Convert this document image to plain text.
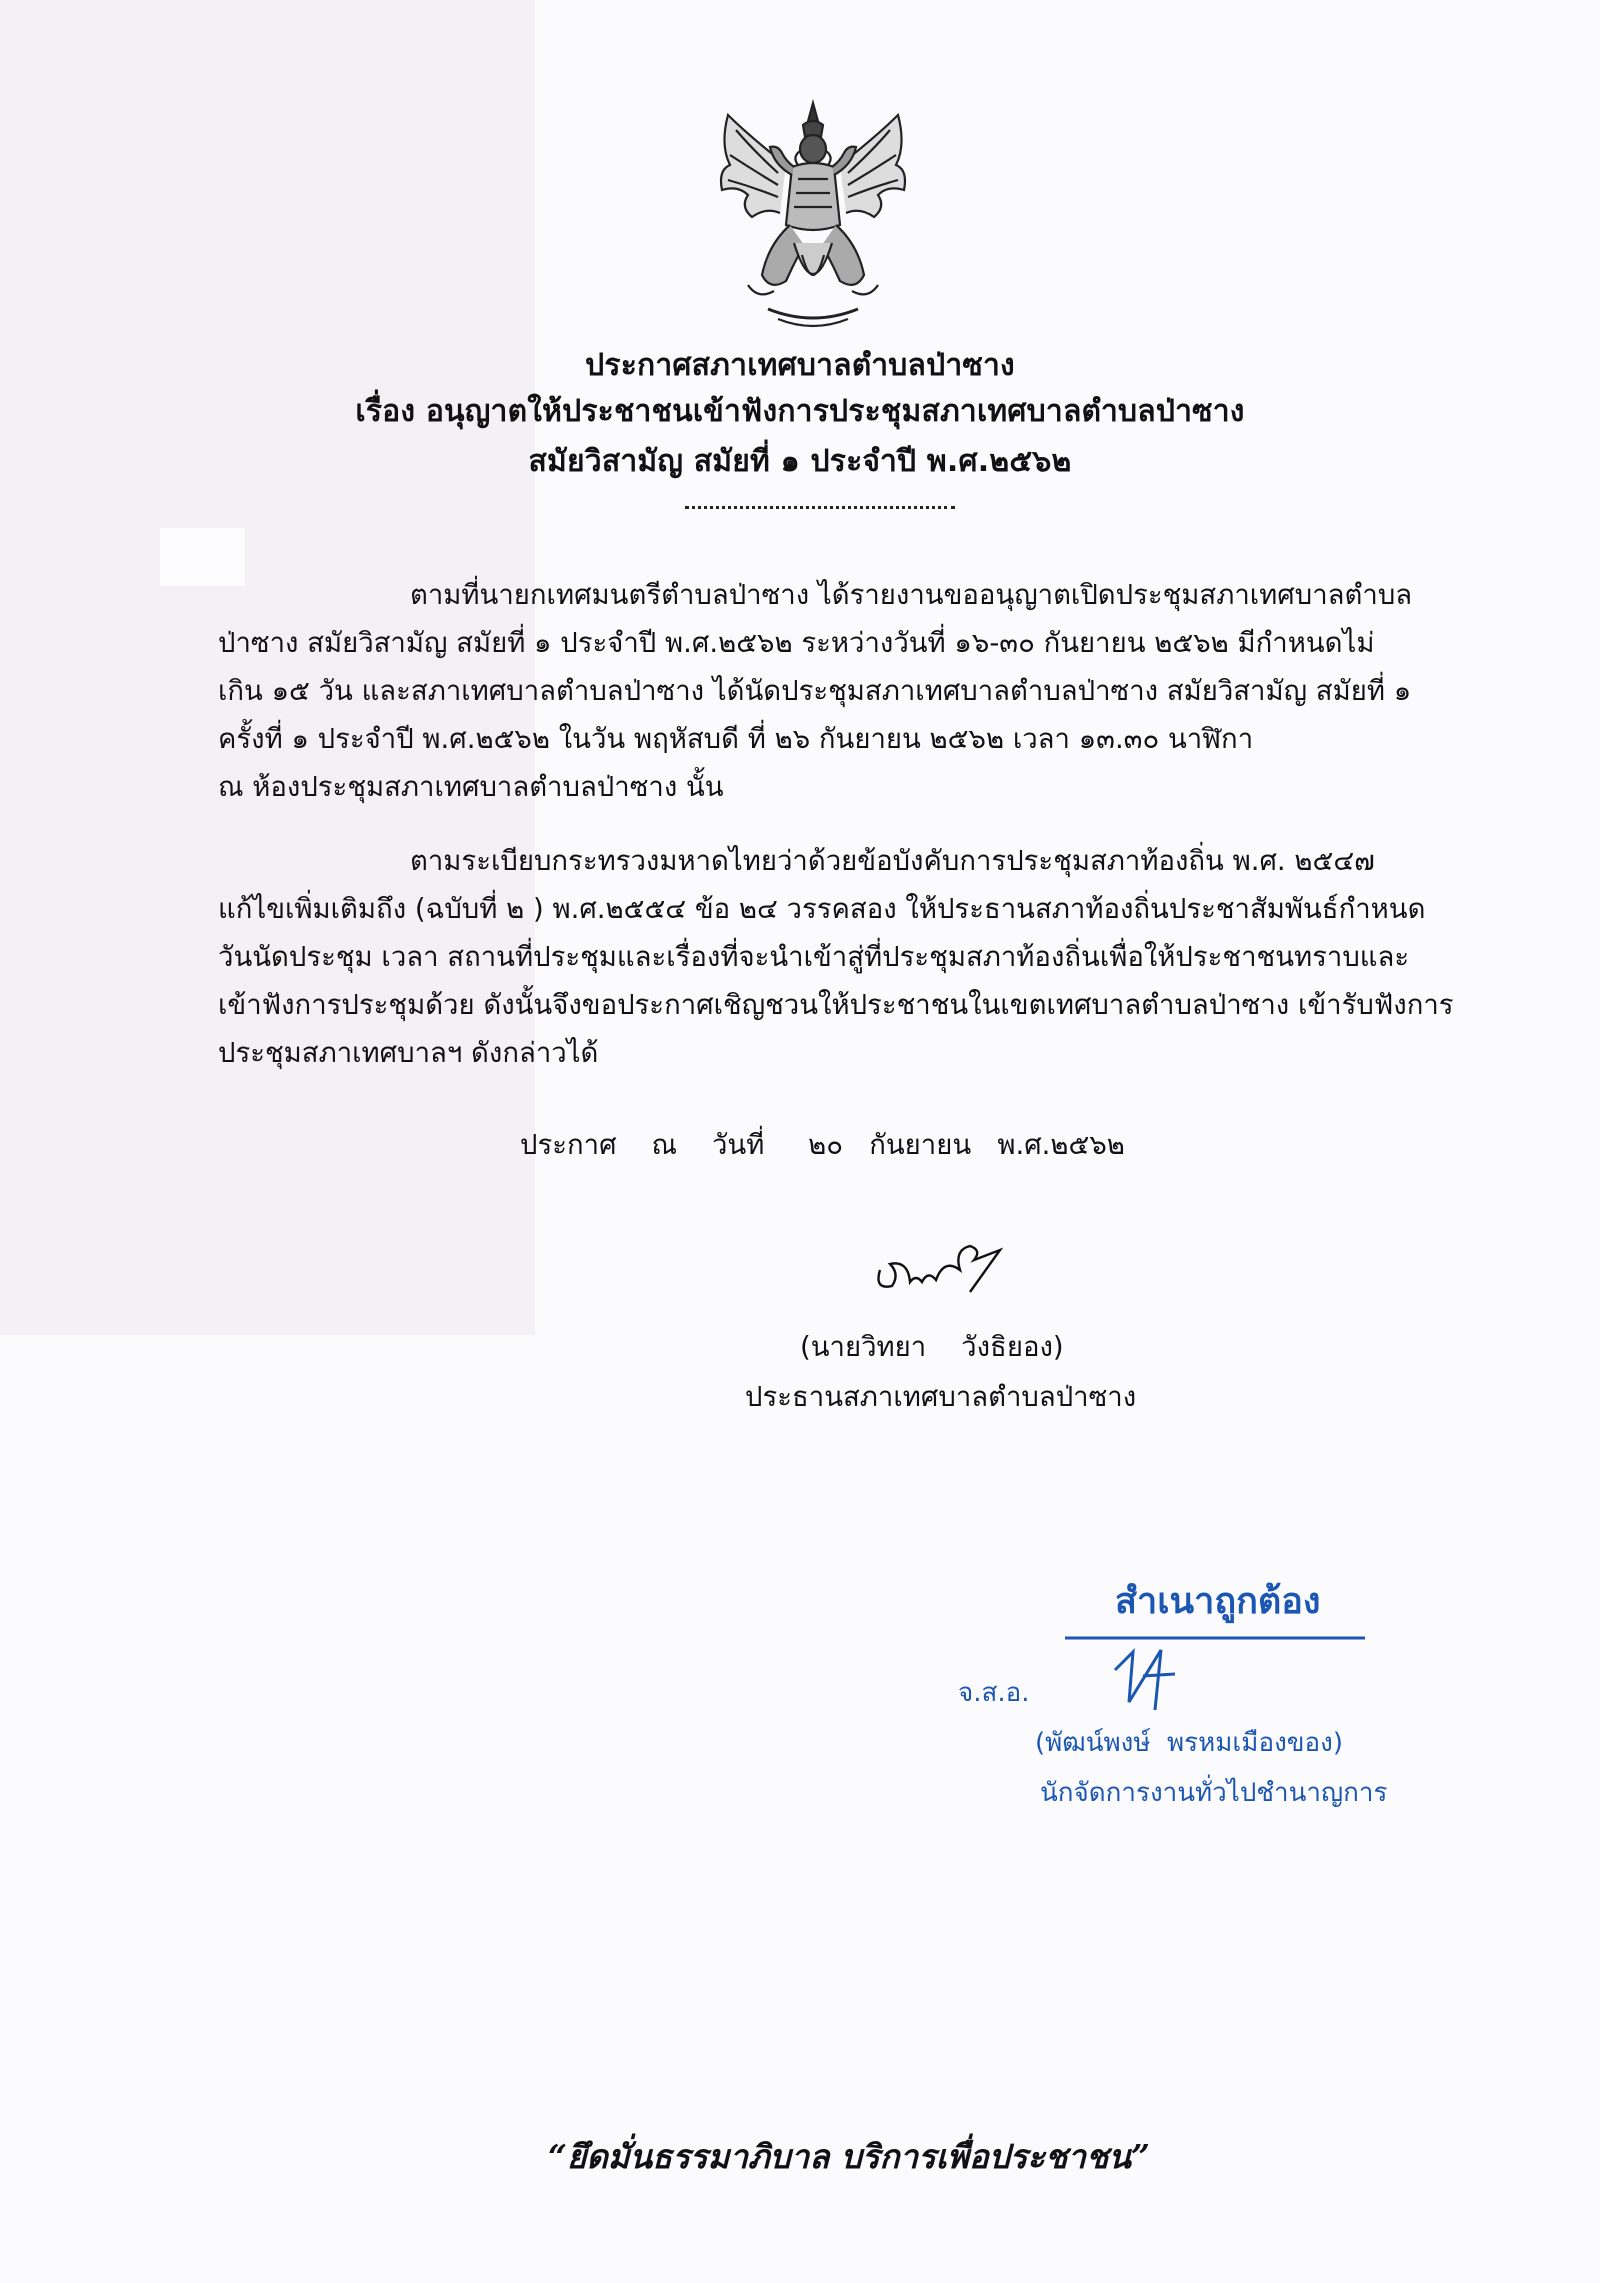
ประกาศสภาเทศบาลตำบลป่าซาง
เรื่อง อนุญาตให้ประชาชนเข้าฟังการประชุมสภาเทศบาลตำบลป่าซาง
สมัยวิสามัญ สมัยที่ ๑ ประจำปี พ.ศ.๒๕๖๒
ตามที่นายกเทศมนตรีตำบลป่าซาง ได้รายงานขออนุญาตเปิดประชุมสภาเทศบาลตำบล
ป่าซาง สมัยวิสามัญ สมัยที่ ๑ ประจำปี พ.ศ.๒๕๖๒ ระหว่างวันที่ ๑๖-๓๐ กันยายน ๒๕๖๒ มีกำหนดไม่
เกิน ๑๕ วัน และสภาเทศบาลตำบลป่าซาง ได้นัดประชุมสภาเทศบาลตำบลป่าซาง สมัยวิสามัญ สมัยที่ ๑
ครั้งที่ ๑ ประจำปี พ.ศ.๒๕๖๒ ในวัน พฤหัสบดี ที่ ๒๖ กันยายน ๒๕๖๒ เวลา ๑๓.๓๐ นาฬิกา
ณ ห้องประชุมสภาเทศบาลตำบลป่าซาง นั้น
ตามระเบียบกระทรวงมหาดไทยว่าด้วยข้อบังคับการประชุมสภาท้องถิ่น พ.ศ. ๒๕๔๗
แก้ไขเพิ่มเติมถึง (ฉบับที่ ๒ ) พ.ศ.๒๕๕๔ ข้อ ๒๔ วรรคสอง ให้ประธานสภาท้องถิ่นประชาสัมพันธ์กำหนด
วันนัดประชุม เวลา สถานที่ประชุมและเรื่องที่จะนำเข้าสู่ที่ประชุมสภาท้องถิ่นเพื่อให้ประชาชนทราบและ
เข้าฟังการประชุมด้วย ดังนั้นจึงขอประกาศเชิญชวนให้ประชาชนในเขตเทศบาลตำบลป่าซาง เข้ารับฟังการ
ประชุมสภาเทศบาลฯ ดังกล่าวได้
ประกาศ    ณ    วันที่     ๒๐   กันยายน   พ.ศ.๒๕๖๒
(นายวิทยา    วังธิยอง)
ประธานสภาเทศบาลตำบลป่าซาง
สำเนาถูกต้อง
จ.ส.อ.
(พัฒน์พงษ์  พรหมเมืองของ)
นักจัดการงานทั่วไปชำนาญการ
“ยึดมั่นธรรมาภิบาล บริการเพื่อประชาชน”
